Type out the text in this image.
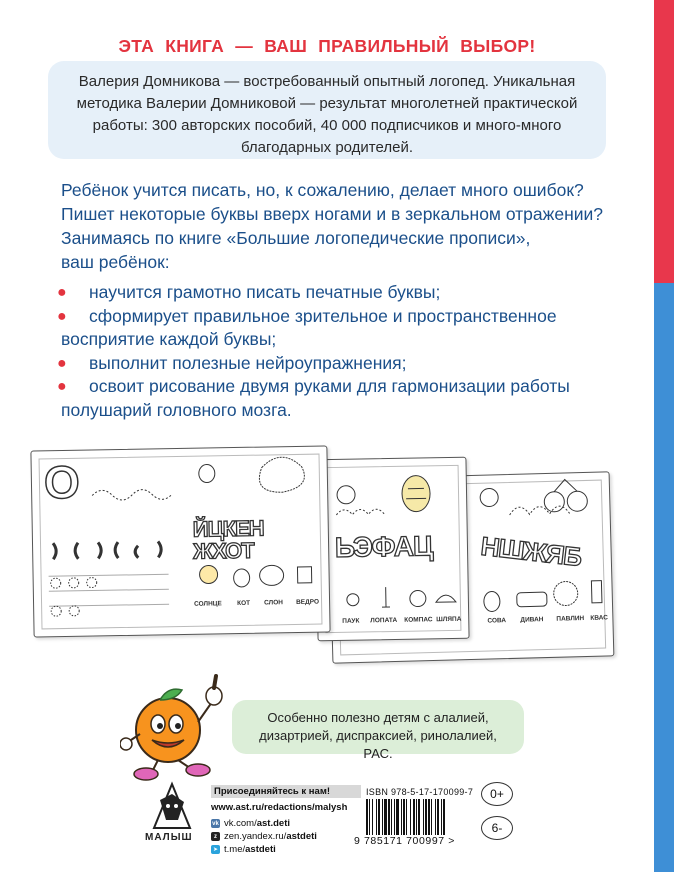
ЭТА КНИГА — ВАШ ПРАВИЛЬНЫЙ ВЫБОР!
Валерия Домникова — востребованный опытный логопед. Уникальная
методика Валерии Домниковой — результат многолетней практической
работы: 300 авторских пособий, 40 000 подписчиков и много-много
благодарных родителей.
Ребёнок учится писать, но, к сожалению, делает много ошибок?
Пишет некоторые буквы вверх ногами и в зеркальном отражении?
Занимаясь по книге «Большие логопедические прописи»,
ваш ребёнок:
● научится грамотно писать печатные буквы;
● сформирует правильное зрительное и пространственное
восприятие каждой буквы;
● выполнит полезные нейроупражнения;
● освоит рисование двумя руками для гармонизации работы
полушарий головного мозга.
НШЖЯБ
СОВА ДИВАН ПАВЛИН КВАС
ЬЭФАЦ
ПАУК ЛОПАТА КОМПАС ШЛЯПА
О
ЙЦКЕН ЖХОТ
СОЛНЦЕ КОТ СЛОН ВЕДРО
Особенно полезно детям с алалией,
дизартрией, диспраксией, ринолалией, РАС.
МАЛЫШ
Присоединяйтесь к нам!
www.ast.ru/redactions/malysh
vk vk.com/ ast.deti
z zen.yandex.ru/ astdeti
➤ t.me/ astdeti
ISBN 978-5-17-170099-7
9 785171 700997 >
0+
6-
